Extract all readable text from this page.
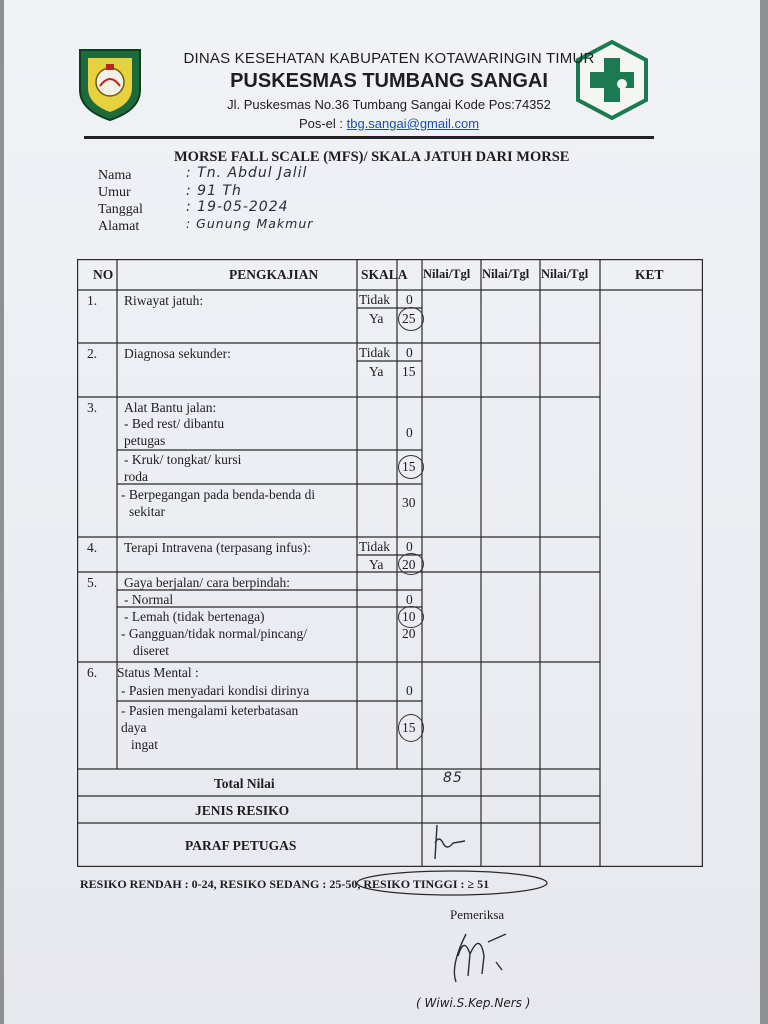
DINAS KESEHATAN KABUPATEN KOTAWARINGIN TIMUR
PUSKESMAS TUMBANG SANGAI
Jl. Puskesmas No.36 Tumbang Sangai Kode Pos:74352
Pos-el : tbg.sangai@gmail.com
MORSE FALL SCALE (MFS)/ SKALA JATUH DARI MORSE
Nama	: Tn. Abdul Jalil
Umur	: 91 Th
Tanggal	: 19-05-2024
Alamat	: Gunung Makmur
NO	PENGKAJIAN	SKALA Nilai/Tgl Nilai/Tgl Nilai/Tgl	KET
1. Riwayat jatuh:	Tidak 0
Ya 25
2. Diagnosa sekunder:	Tidak 0
Ya 15
3. Alat Bantu jalan:
- Bed rest/ dibantu
petugas
0
- Kruk/ tongkat/ kursi
roda
15
- Berpegangan pada benda-benda di
sekitar
30
4. Terapi Intravena (terpasang infus):	Tidak 0
Ya 20
5. Gaya berjalan/ cara berpindah:
- Normal	0
- Lemah (tidak bertenaga)	10
- Gangguan/tidak normal/pincang/
diseret
20
6. Status Mental :
- Pasien menyadari kondisi dirinya	0
- Pasien mengalami keterbatasan
daya
ingat
15
Total Nilai	85
JENIS RESIKO
PARAF PETUGAS
RESIKO RENDAH : 0-24, RESIKO SEDANG : 25-50, RESIKO TINGGI : ≥ 51
Pemeriksa
( Wiwi.S.Kep.Ners )
